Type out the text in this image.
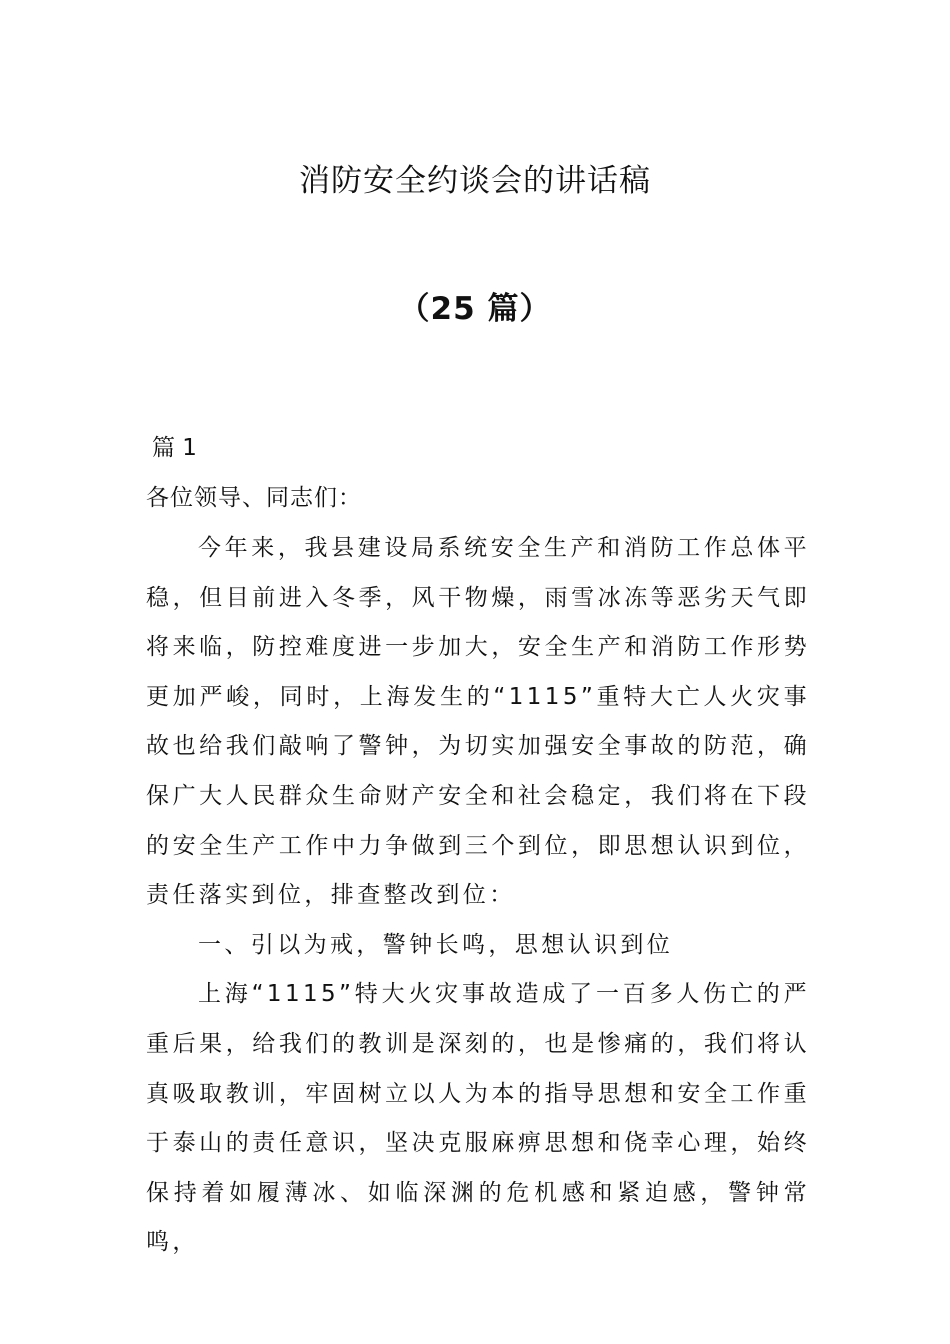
消防安全约谈会的讲话稿
（25 篇）
篇 1
各位领导、同志们：

今年来，我县建设局系统安全生产和消防工作总体平稳，但目前进入冬季，风干物燥，雨雪冰冻等恶劣天气即将来临，防控难度进一步加大，安全生产和消防工作形势更加严峻，同时，上海发生的“1115”重特大亡人火灾事故也给我们敲响了警钟，为切实加强安全事故的防范，确保广大人民群众生命财产安全和社会稳定，我们将在下段的安全生产工作中力争做到三个到位，即思想认识到位，责任落实到位，排查整改到位：

一、引以为戒，警钟长鸣，思想认识到位

上海“1115”特大火灾事故造成了一百多人伤亡的严重后果，给我们的教训是深刻的，也是惨痛的，我们将认真吸取教训，牢固树立以人为本的指导思想和安全工作重于泰山的责任意识，坚决克服麻痹思想和侥幸心理，始终保持着如履薄冰、如临深渊的危机感和紧迫感，警钟常鸣，
